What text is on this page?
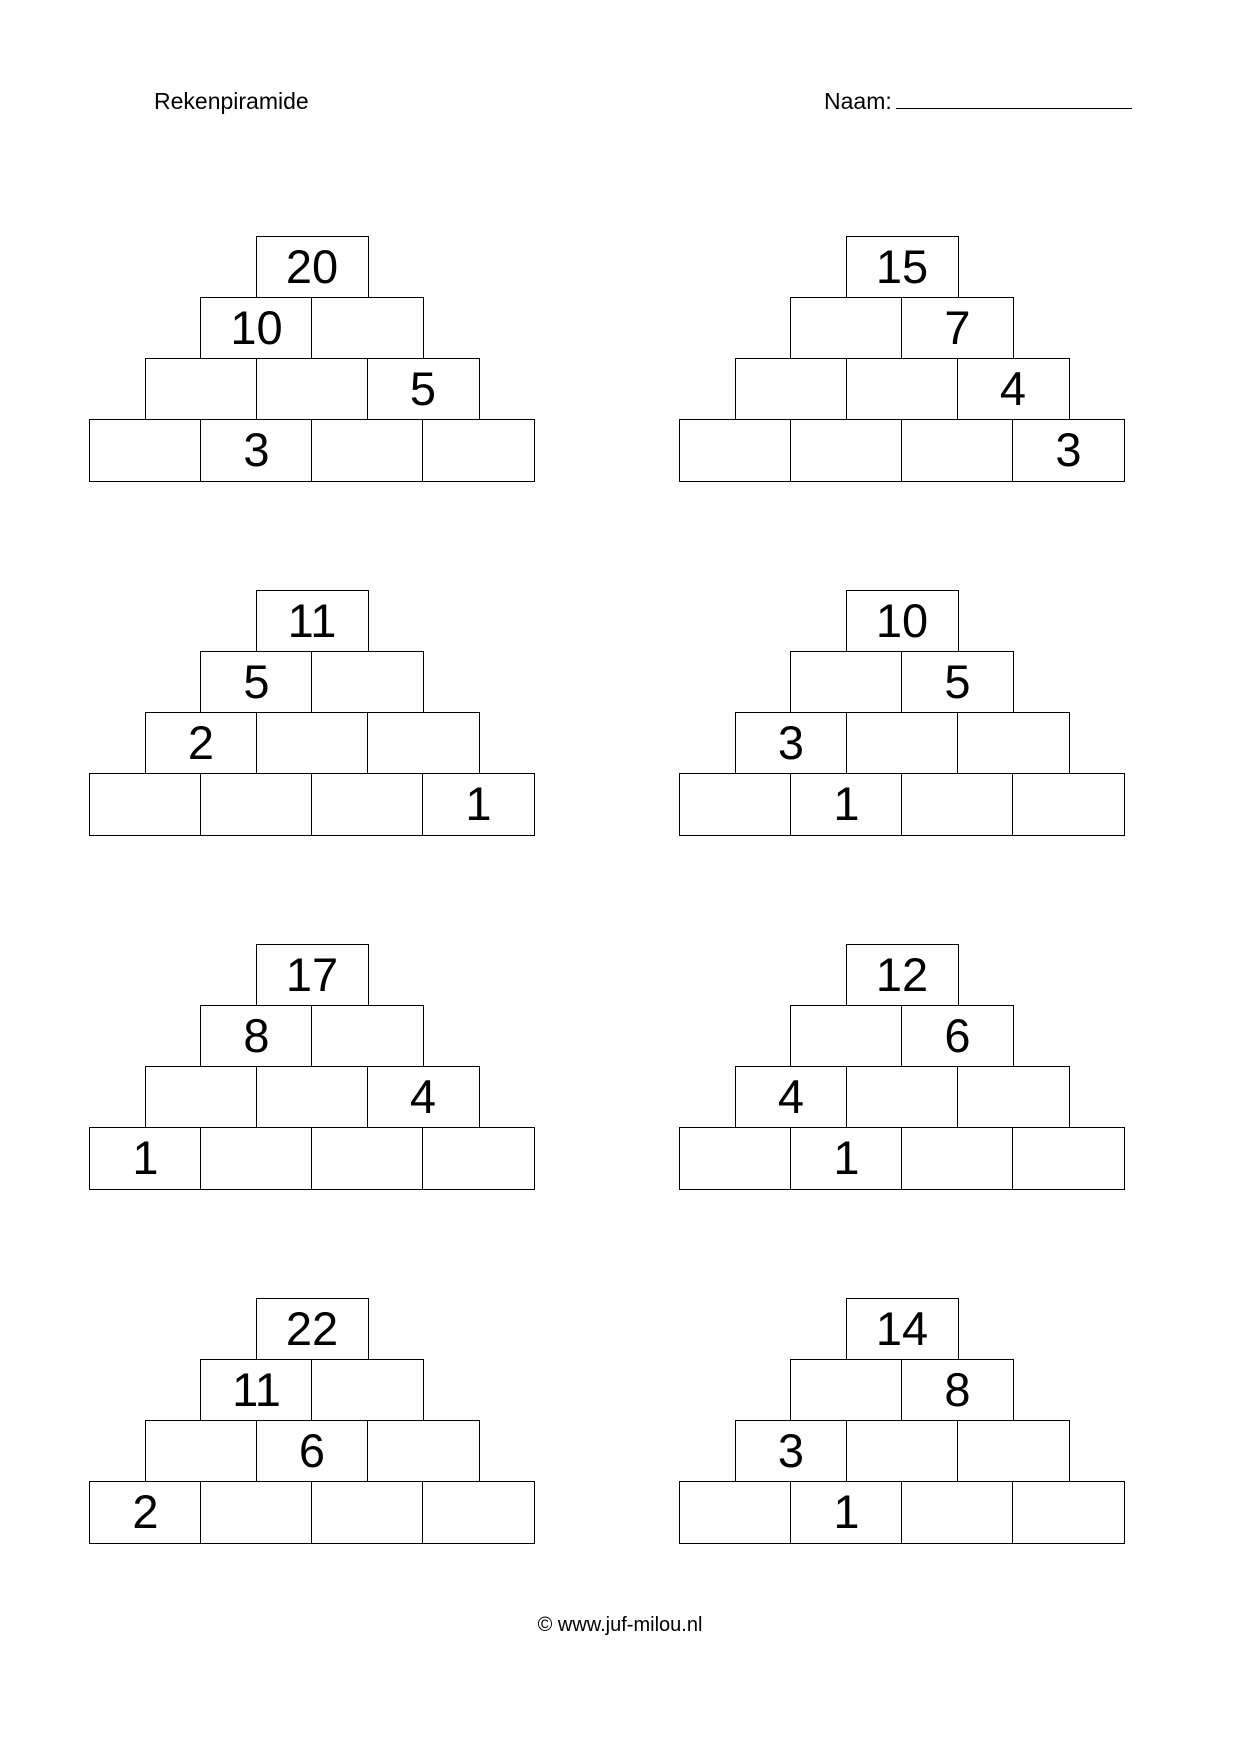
Rekenpiramide	Naam:
20
10
5
3
15
7
4
3
11
5
2
1
10
5
3
1
17
8
4
1
12
6
4
1
22
11
6
2
14
8
3
1
© www.juf-milou.nl
